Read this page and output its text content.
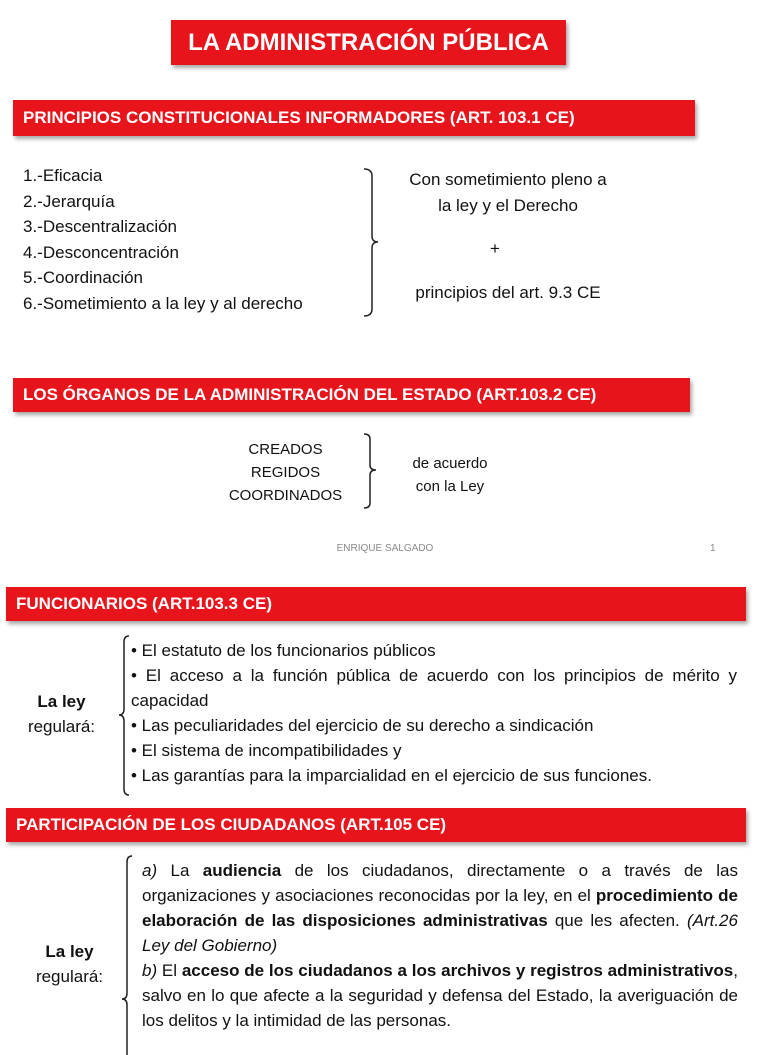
LA ADMINISTRACIÓN PÚBLICA
PRINCIPIOS CONSTITUCIONALES INFORMADORES (ART. 103.1 CE)
1.-Eficacia
2.-Jerarquía
3.-Descentralización
4.-Desconcentración
5.-Coordinación
6.-Sometimiento a la ley y al derecho
Con sometimiento pleno a
la ley y el Derecho
+
principios del art. 9.3 CE
LOS ÓRGANOS DE LA ADMINISTRACIÓN DEL ESTADO (ART.103.2 CE)
CREADOS
REGIDOS
COORDINADOS
de acuerdo
con la Ley
ENRIQUE SALGADO	1
FUNCIONARIOS (ART.103.3 CE)
La ley
regulará:
• El estatuto de los funcionarios públicos
• El acceso a la función pública de acuerdo con los principios de mérito y capacidad
• Las peculiaridades del ejercicio de su derecho a sindicación
• El sistema de incompatibilidades y
• Las garantías para la imparcialidad en el ejercicio de sus funciones.
PARTICIPACIÓN DE LOS CIUDADANOS (ART.105 CE)
La ley
regulará:
a) La audiencia de los ciudadanos, directamente o a través de las organizaciones y asociaciones reconocidas por la ley, en el procedimiento de elaboración de las disposiciones administrativas que les afecten. (Art.26 Ley del Gobierno)
b) El acceso de los ciudadanos a los archivos y registros administrativos, salvo en lo que afecte a la seguridad y defensa del Estado, la averiguación de los delitos y la intimidad de las personas.
